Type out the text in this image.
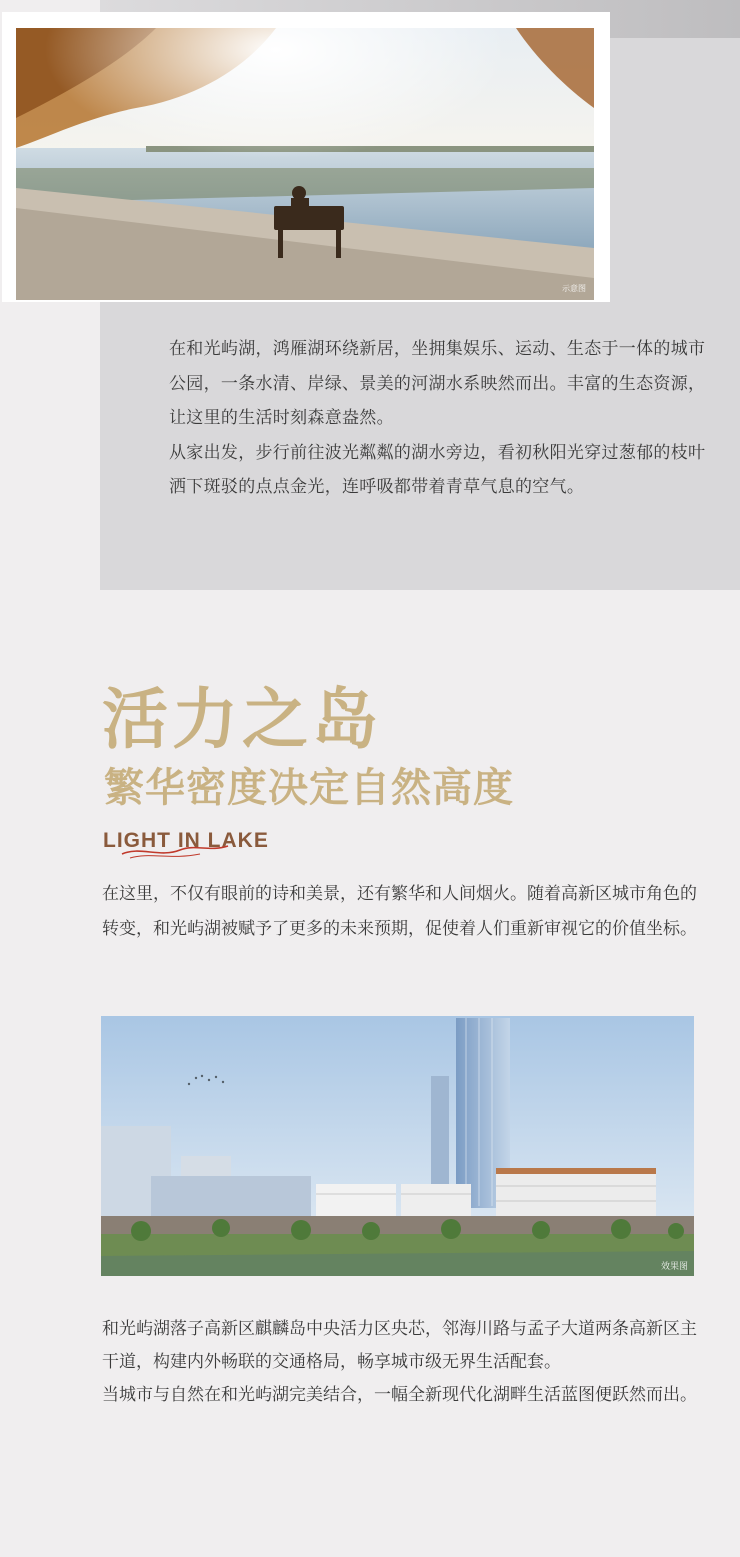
示意图

在和光屿湖，鸿雁湖环绕新居，坐拥集娱乐、运动、生态于一体的城市公园，一条水清、岸绿、景美的河湖水系映然而出。丰富的生态资源，让这里的生活时刻森意盎然。

从家出发，步行前往波光粼粼的湖水旁边，看初秋阳光穿过葱郁的枝叶洒下斑驳的点点金光，连呼吸都带着青草气息的空气。

活力之岛
繁华密度决定自然高度
LIGHT IN LAKE

在这里，不仅有眼前的诗和美景，还有繁华和人间烟火。随着高新区城市角色的转变，和光屿湖被赋予了更多的未来预期，促使着人们重新审视它的价值坐标。

效果图

和光屿湖落子高新区麒麟岛中央活力区央芯，邻海川路与孟子大道两条高新区主干道，构建内外畅联的交通格局，畅享城市级无界生活配套。

当城市与自然在和光屿湖完美结合，一幅全新现代化湖畔生活蓝图便跃然而出。
